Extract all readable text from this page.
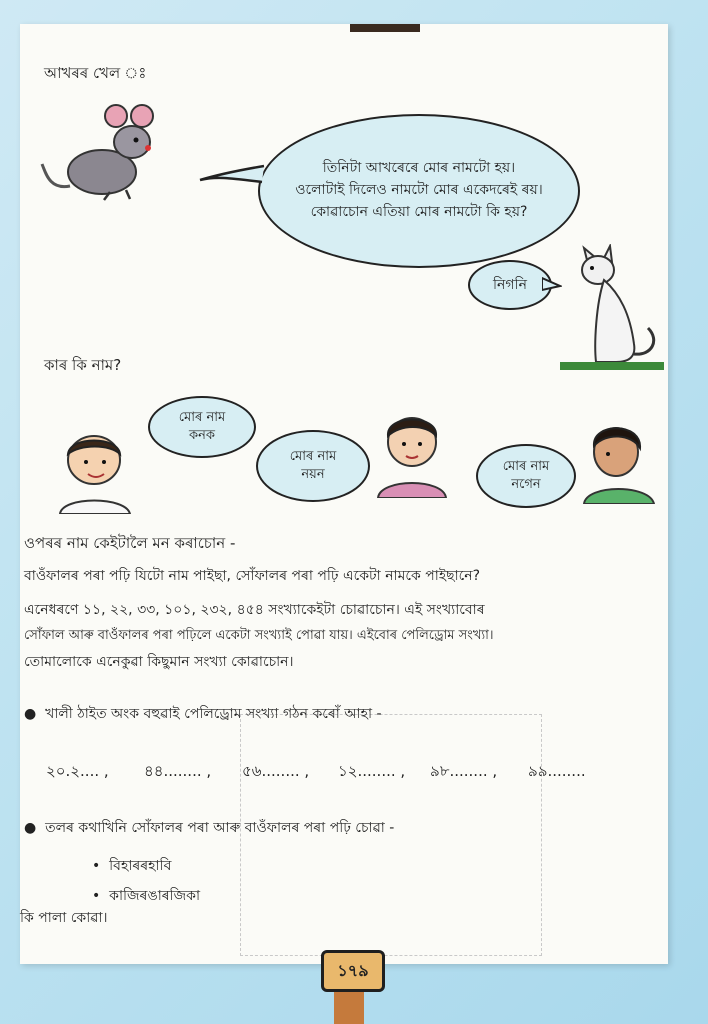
আখৰৰ খেল ঃ
তিনিটা আখৰেৰে মোৰ নামটো হয়।
ওলোটাই দিলেও নামটো মোৰ একেদৰেই ৰয়।
কোৱাচোন এতিয়া মোৰ নামটো কি হয়?
নিগনি
কাৰ কি নাম?
মোৰ নাম
কনক
মোৰ নাম
নয়ন
মোৰ নাম
নগেন
ওপৰৰ নাম কেইটালৈ মন কৰাচোন -
বাওঁফালৰ পৰা পঢ়ি যিটো নাম পাইছা, সোঁফালৰ পৰা পঢ়ি একেটা নামকে পাইছানে?
এনেধৰণে ১১, ২২, ৩৩, ১০১, ২৩২, ৪৫৪ সংখ্যাকেইটা চোৱাচোন। এই সংখ্যাবোৰ
সোঁফাল আৰু বাওঁফালৰ পৰা পঢ়িলে একেটা সংখ্যাই পোৱা যায়। এইবোৰ পেলিড্ৰোম সংখ্যা।
তোমালোকে এনেকুৱা কিছুমান সংখ্যা কোৱাচোন।
●  খালী ঠাইত অংক বহুৱাই পেলিড্ৰোম সংখ্যা গঠন কৰোঁ আহা -
২০.২.... , ৪৪........ , ৫৬........ , ১২........ , ৯৮........ , ৯৯........
●  তলৰ কথাখিনি সোঁফালৰ পৰা আৰু বাওঁফালৰ পৰা পঢ়ি চোৱা -
•  বিহাৰৰহাবি
•  কাজিৰঙাৰজিকা
কি পালা কোৱা।
১৭৯
